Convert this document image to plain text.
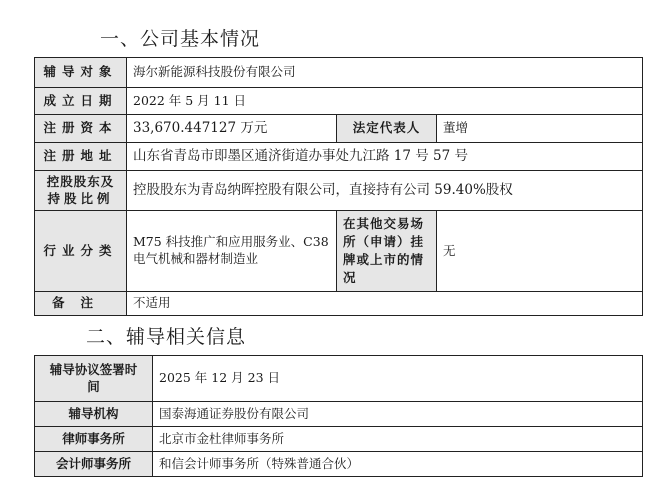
一、公司基本情况
辅导对象	海尔新能源科技股份有限公司		
成立日期	2022 年 5 月 11 日		
注册资本	33,670.447127 万元	法定代表人	董增
注册地址	山东省青岛市即墨区通济街道办事处九江路 17 号 57 号		

控股股东及
持股比例	控股股东为青岛纳晖控股有限公司，直接持有公司 59.40%股权		
行业分类	M75 科技推广和应用服务业、C38 电气机械和器材制造业	在其他交易场所（申请）挂牌或上市的情况	无
备注	不适用		
二、辅导相关信息
辅导协议签署时间	2025 年 12 月 23 日
辅导机构	国泰海通证券股份有限公司
律师事务所	北京市金杜律师事务所
会计师事务所	和信会计师事务所（特殊普通合伙）
